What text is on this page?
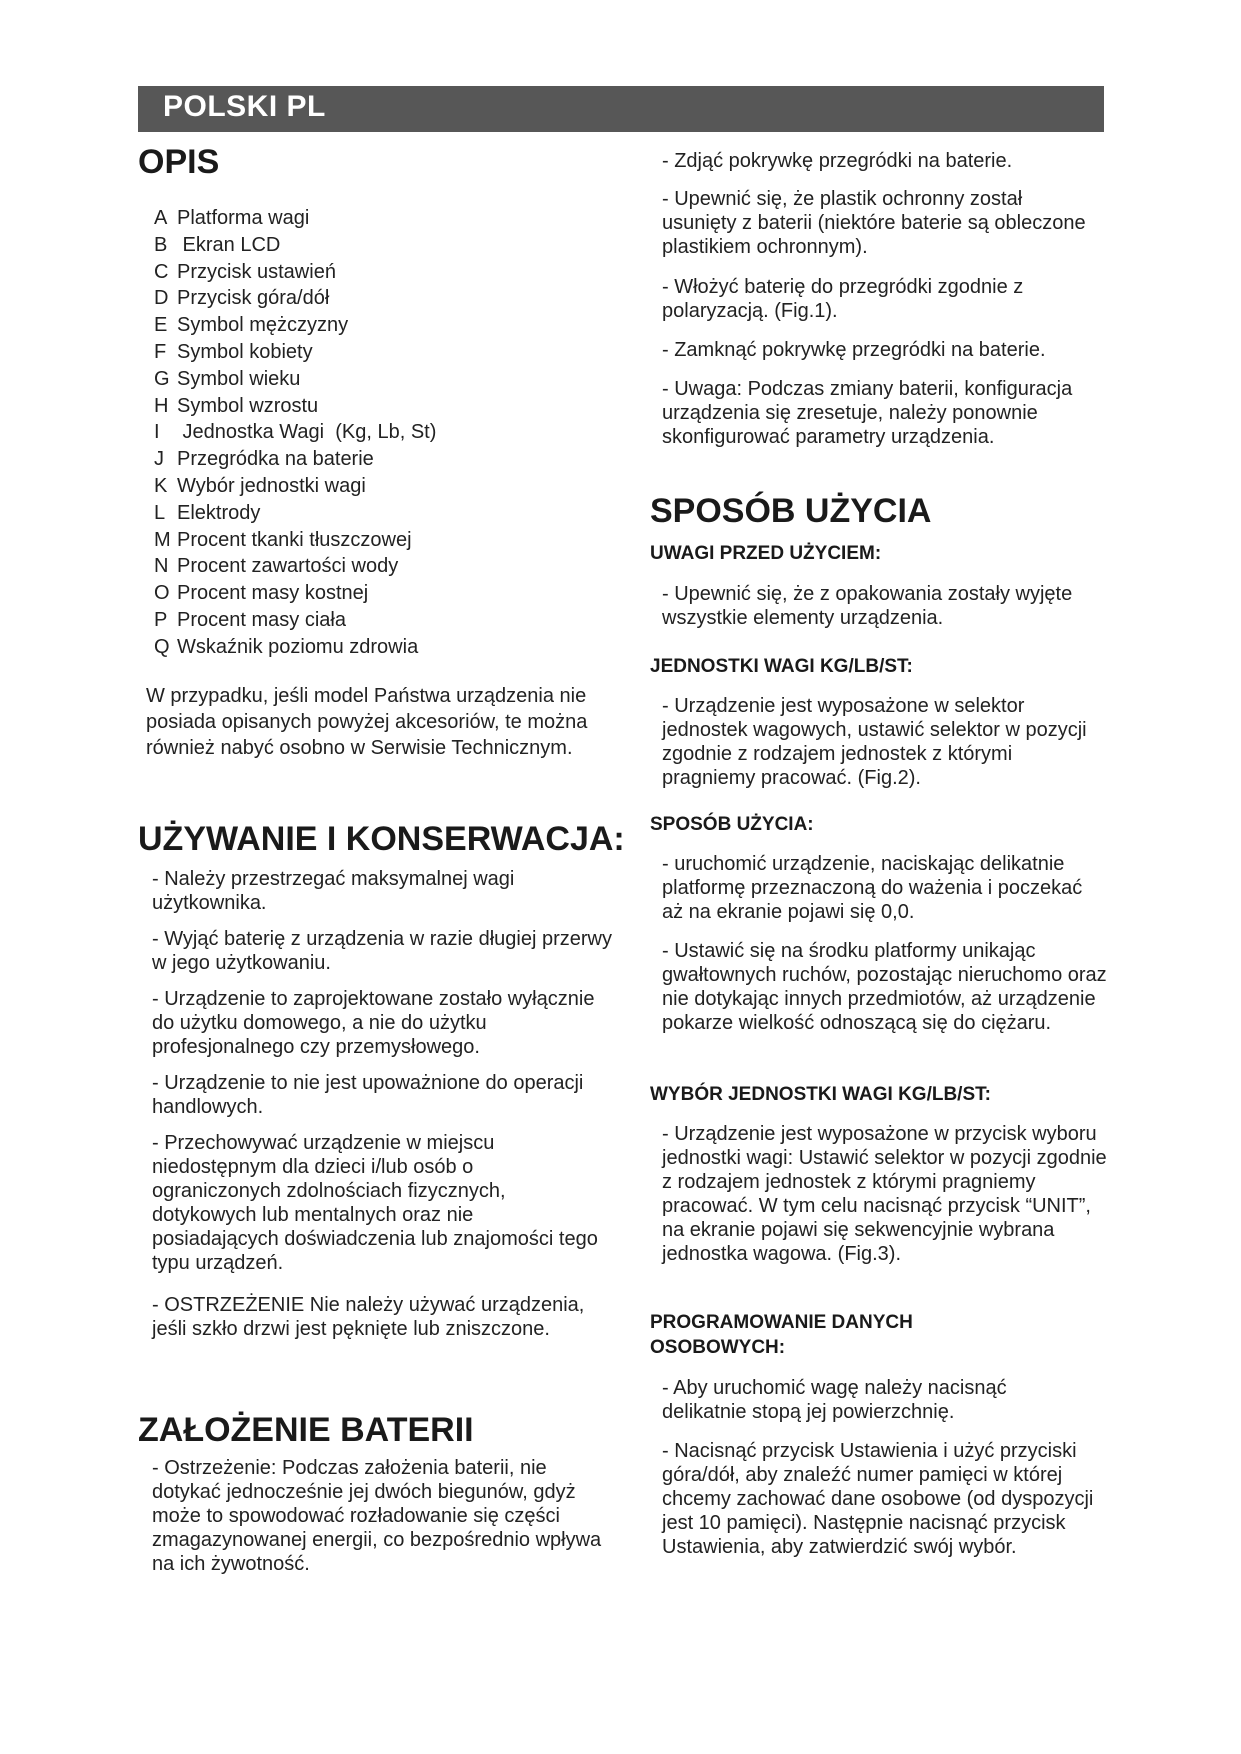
POLSKI PL
OPIS
A Platforma wagi
B Ekran LCD
C Przycisk ustawień
D Przycisk góra/dół
E Symbol mężczyzny
F Symbol kobiety
G Symbol wieku
H Symbol wzrostu
I Jednostka Wagi  (Kg, Lb, St)
J Przegródka na baterie
K Wybór jednostki wagi
L Elektrody
M Procent tkanki tłuszczowej
N Procent zawartości wody
O Procent masy kostnej
P Procent masy ciała
Q Wskaźnik poziomu zdrowia

W przypadku, jeśli model Państwa urządzenia nie posiada opisanych powyżej akcesoriów, te można również nabyć osobno w Serwisie Technicznym.

UŻYWANIE I KONSERWACJA:

- Należy przestrzegać maksymalnej wagi użytkownika.

- Wyjąć baterię z urządzenia w razie długiej przerwy w jego użytkowaniu.

- Urządzenie to zaprojektowane zostało wyłącznie do użytku domowego, a nie do użytku profesjonalnego czy przemysłowego.

- Urządzenie to nie jest upoważnione do operacji handlowych.

- Przechowywać urządzenie w miejscu niedostępnym dla dzieci i/lub osób o ograniczonych zdolnościach fizycznych, dotykowych lub mentalnych oraz nie posiadających doświadczenia lub znajomości tego typu urządzeń.

- OSTRZEŻENIE Nie należy używać urządzenia, jeśli szkło drzwi jest pęknięte lub zniszczone.

ZAŁOŻENIE BATERII

- Ostrzeżenie: Podczas założenia baterii, nie dotykać jednocześnie jej dwóch biegunów, gdyż może to spowodować rozładowanie się części zmagazynowanej energii, co bezpośrednio wpływa na ich żywotność.

- Zdjąć pokrywkę przegródki na baterie.

- Upewnić się, że plastik ochronny został usunięty z baterii (niektóre baterie są obleczone plastikiem ochronnym).

- Włożyć baterię do przegródki zgodnie z polaryzacją. (Fig.1).

- Zamknąć pokrywkę przegródki na baterie.

- Uwaga: Podczas zmiany baterii, konfiguracja urządzenia się zresetuje, należy ponownie skonfigurować parametry urządzenia.

SPOSÓB UŻYCIA
UWAGI PRZED UŻYCIEM:

- Upewnić się, że z opakowania zostały wyjęte wszystkie elementy urządzenia.

JEDNOSTKI WAGI KG/LB/ST:

- Urządzenie jest wyposażone w selektor jednostek wagowych, ustawić selektor w pozycji zgodnie z rodzajem jednostek z którymi pragniemy pracować. (Fig.2).

SPOSÓB UŻYCIA:

- uruchomić urządzenie, naciskając delikatnie platformę przeznaczoną do ważenia i poczekać aż na ekranie pojawi się 0,0.

- Ustawić się na środku platformy unikając gwałtownych ruchów, pozostając nieruchomo oraz nie dotykając innych przedmiotów, aż urządzenie pokarze wielkość odnoszącą się do ciężaru.

WYBÓR JEDNOSTKI WAGI KG/LB/ST:

- Urządzenie jest wyposażone w przycisk wyboru jednostki wagi: Ustawić selektor w pozycji zgodnie z rodzajem jednostek z którymi pragniemy pracować. W tym celu nacisnąć przycisk “UNIT”, na ekranie pojawi się sekwencyjnie wybrana jednostka wagowa. (Fig.3).

PROGRAMOWANIE DANYCH OSOBOWYCH:

- Aby uruchomić wagę należy nacisnąć delikatnie stopą jej powierzchnię.

- Nacisnąć przycisk Ustawienia i użyć przyciski góra/dół, aby znaleźć numer pamięci w której chcemy zachować dane osobowe (od dyspozycji jest 10 pamięci). Następnie nacisnąć przycisk Ustawienia, aby zatwierdzić swój wybór.
